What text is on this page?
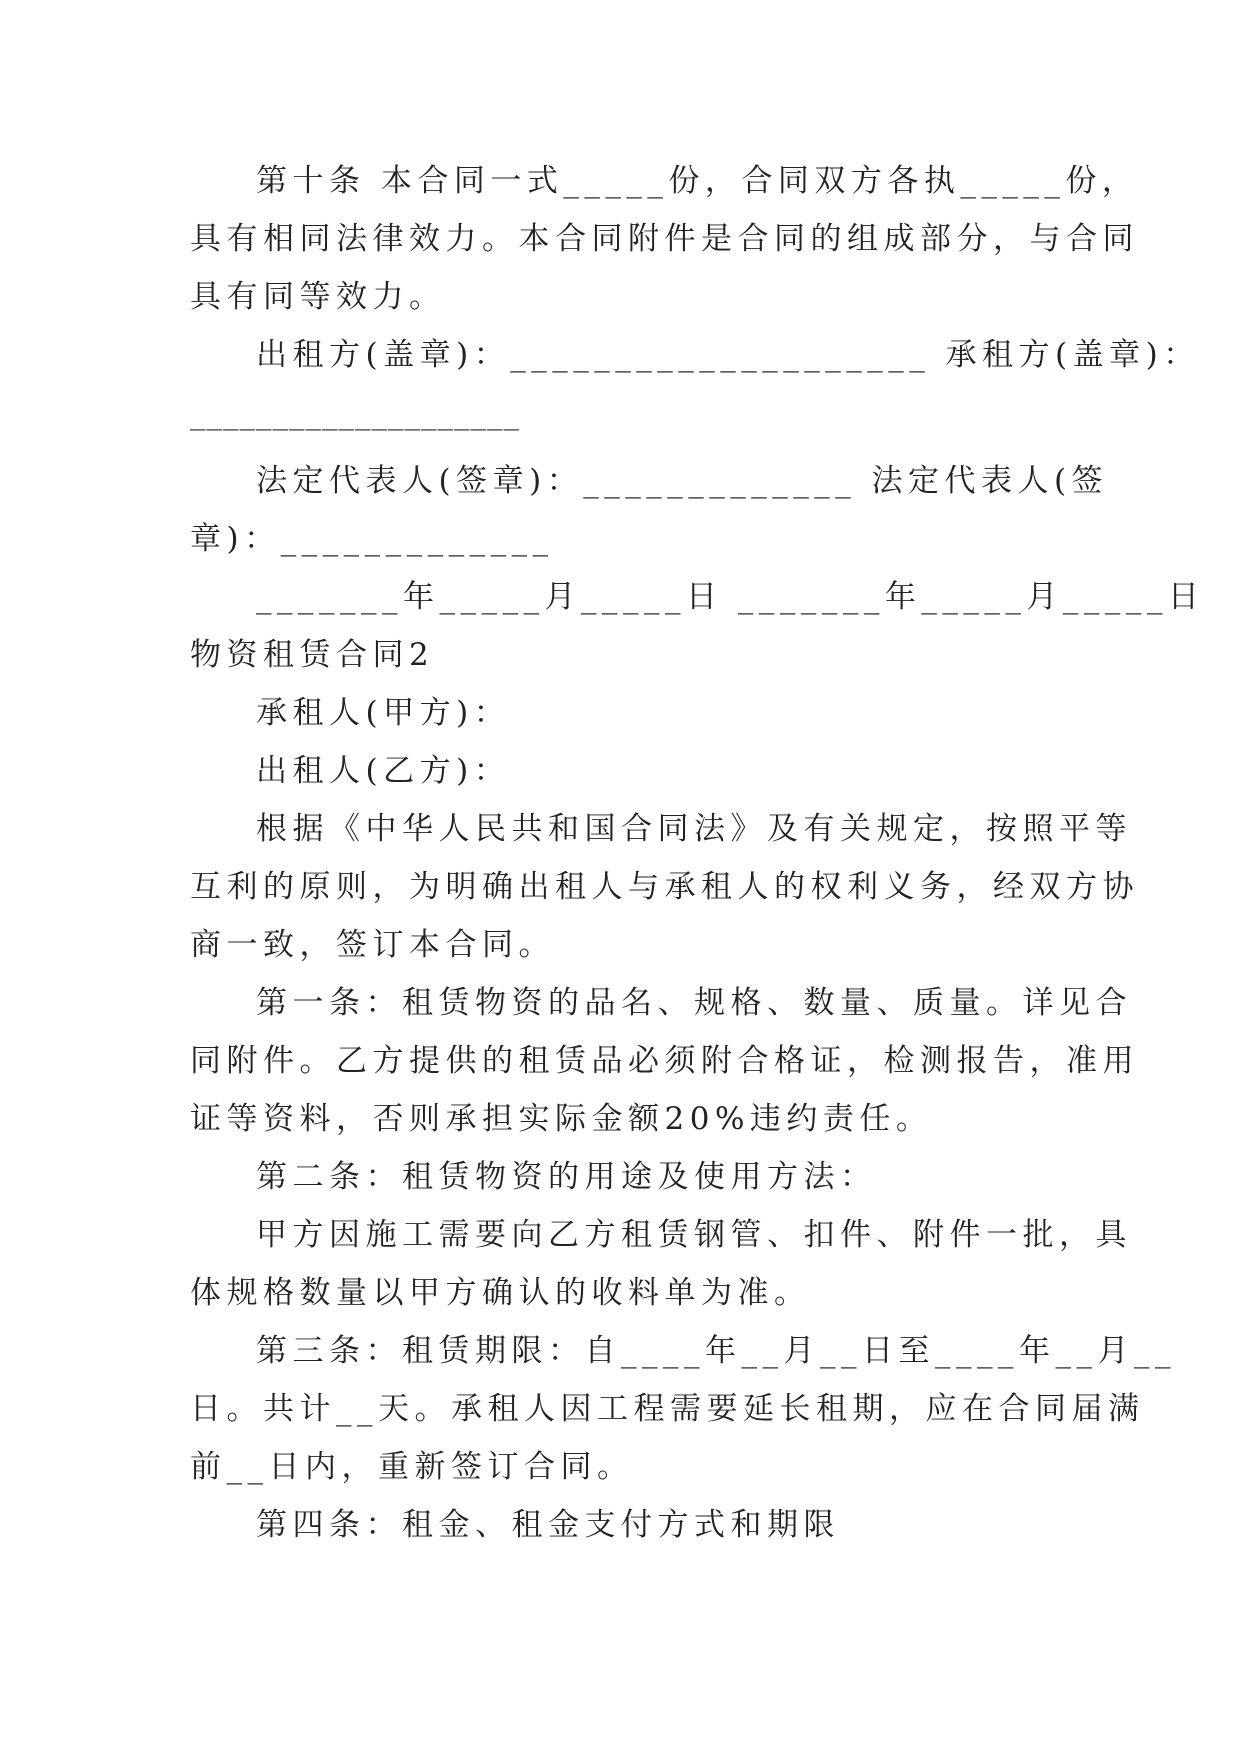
第十条 本合同一式_____份，合同双方各执_____份，

具有相同法律效力。本合同附件是合同的组成部分，与合同

具有同等效力。

出租方(盖章)：____________________ 承租方(盖章)：

____________________

法定代表人(签章)：_____________ 法定代表人(签

章)：_____________

_______年_____月_____日 _______年_____月_____日

物资租赁合同2

承租人(甲方)：

出租人(乙方)：

根据《中华人民共和国合同法》及有关规定，按照平等

互利的原则，为明确出租人与承租人的权利义务，经双方协

商一致，签订本合同。

第一条：租赁物资的品名、规格、数量、质量。详见合

同附件。乙方提供的租赁品必须附合格证，检测报告，准用

证等资料，否则承担实际金额20%违约责任。

第二条：租赁物资的用途及使用方法：

甲方因施工需要向乙方租赁钢管、扣件、附件一批，具

体规格数量以甲方确认的收料单为准。

第三条：租赁期限：自____年__月__日至____年__月__

日。共计__天。承租人因工程需要延长租期，应在合同届满

前__日内，重新签订合同。

第四条：租金、租金支付方式和期限
